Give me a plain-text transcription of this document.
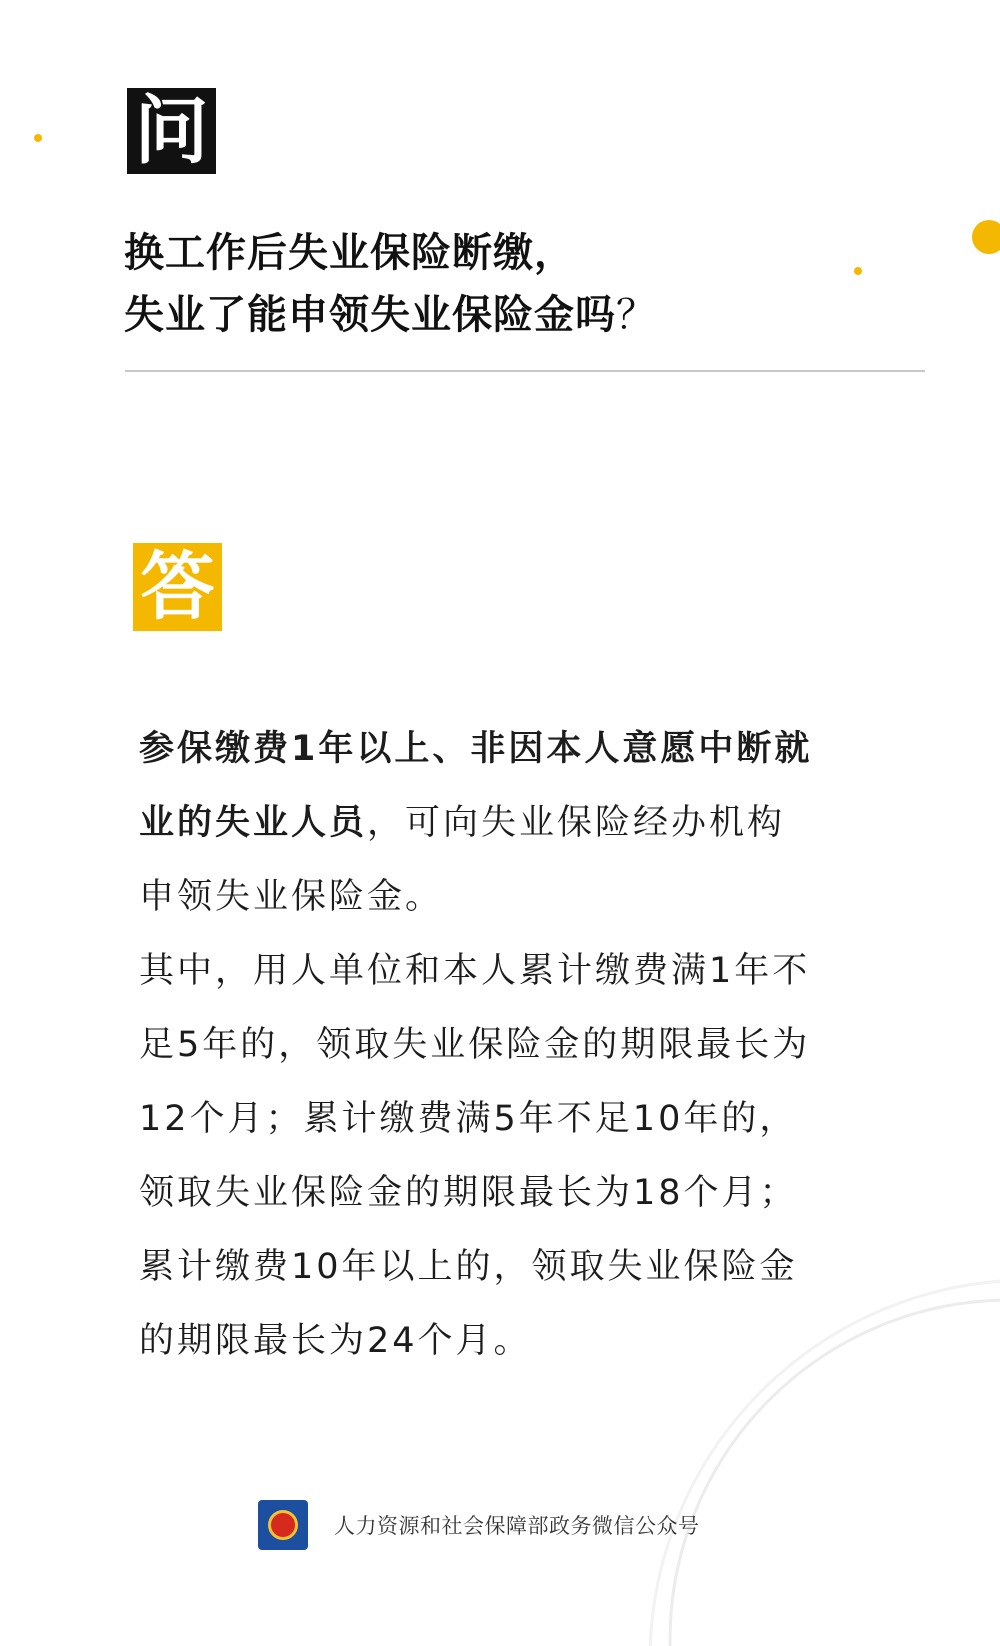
问
换工作后失业保险断缴，
失业了能申领失业保险金吗？
答

参保缴费1年以上、非因本人意愿中断就业的失业人员，可向失业保险经办机构申领失业保险金。

其中，用人单位和本人累计缴费满1年不足5年的，领取失业保险金的期限最长为12个月；累计缴费满5年不足10年的，领取失业保险金的期限最长为18个月；累计缴费10年以上的，领取失业保险金的期限最长为24个月。

人力资源和社会保障部政务微信公众号
